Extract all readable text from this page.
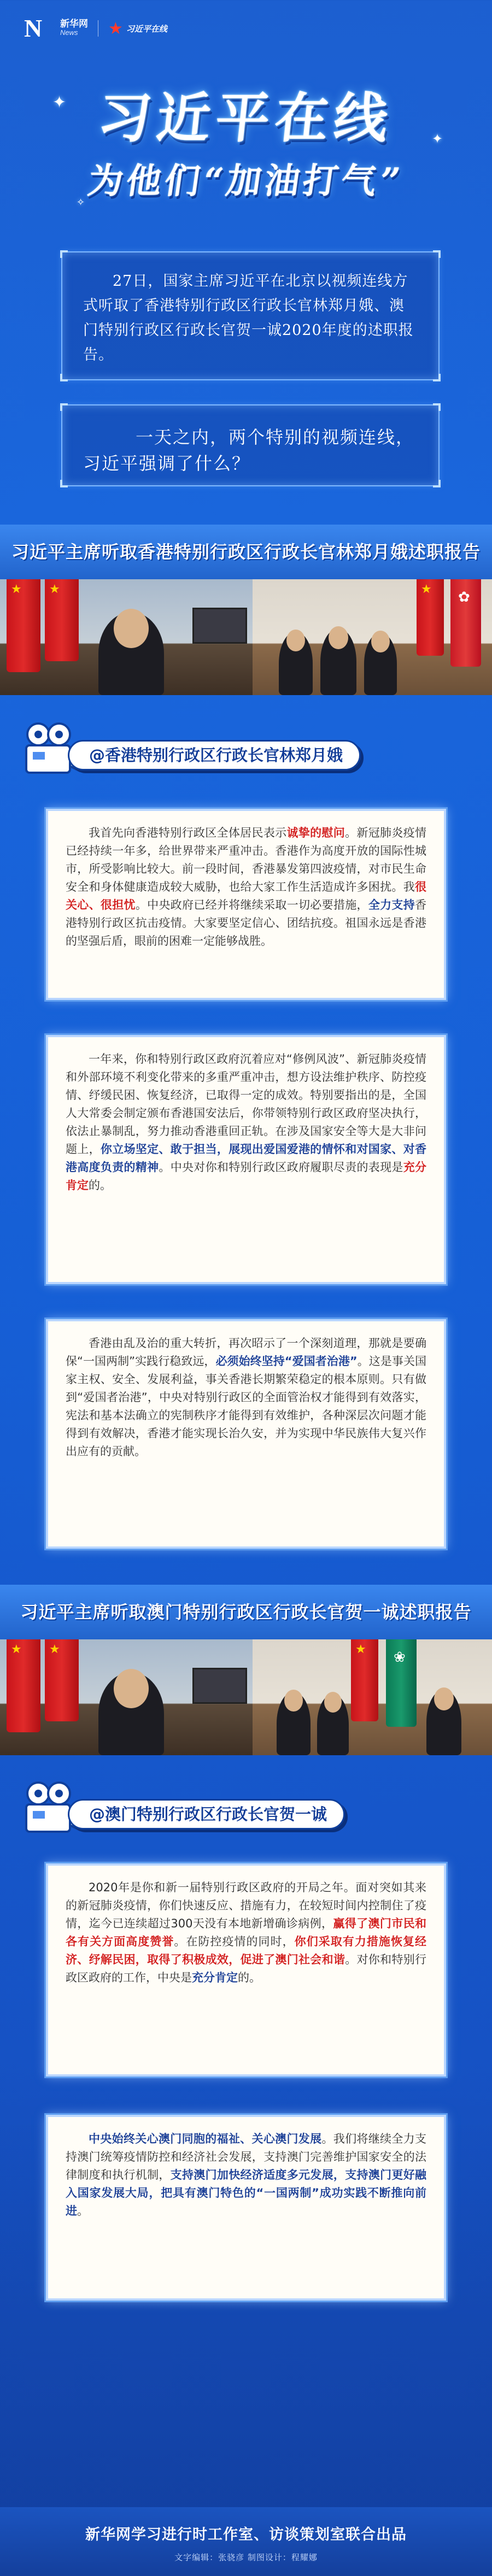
N	新华网
News	★ 习近平在线
✦
✦
✧
习近平在线
为他们“加油打气”

27日，国家主席习近平在北京以视频连线方式听取了香港特别行政区行政长官林郑月娥、澳门特别行政区行政长官贺一诚2020年度的述职报告。

一天之内，两个特别的视频连线，习近平强调了什么？

习近平主席听取香港特别行政区行政长官林郑月娥述职报告
★
★
★
✿
@香港特别行政区行政长官林郑月娥

我首先向香港特别行政区全体居民表示诚挚的慰问。新冠肺炎疫情已经持续一年多，给世界带来严重冲击。香港作为高度开放的国际性城市，所受影响比较大。前一段时间，香港暴发第四波疫情，对市民生命安全和身体健康造成较大威胁，也给大家工作生活造成许多困扰。我很关心、很担忧。中央政府已经并将继续采取一切必要措施，全力支持香港特别行政区抗击疫情。大家要坚定信心、团结抗疫。祖国永远是香港的坚强后盾，眼前的困难一定能够战胜。

一年来，你和特别行政区政府沉着应对“修例风波”、新冠肺炎疫情和外部环境不利变化带来的多重严重冲击，想方设法维护秩序、防控疫情、纾缓民困、恢复经济，已取得一定的成效。特别要指出的是，全国人大常委会制定颁布香港国安法后，你带领特别行政区政府坚决执行，依法止暴制乱，努力推动香港重回正轨。在涉及国家安全等大是大非问题上，你立场坚定、敢于担当，展现出爱国爱港的情怀和对国家、对香港高度负责的精神。中央对你和特别行政区政府履职尽责的表现是充分肯定的。

香港由乱及治的重大转折，再次昭示了一个深刻道理，那就是要确保“一国两制”实践行稳致远，必须始终坚持“爱国者治港”。这是事关国家主权、安全、发展利益，事关香港长期繁荣稳定的根本原则。只有做到“爱国者治港”，中央对特别行政区的全面管治权才能得到有效落实，宪法和基本法确立的宪制秩序才能得到有效维护，各种深层次问题才能得到有效解决，香港才能实现长治久安，并为实现中华民族伟大复兴作出应有的贡献。

习近平主席听取澳门特别行政区行政长官贺一诚述职报告
★
★
★
❀
@澳门特别行政区行政长官贺一诚

2020年是你和新一届特别行政区政府的开局之年。面对突如其来的新冠肺炎疫情，你们快速反应、措施有力，在较短时间内控制住了疫情，迄今已连续超过300天没有本地新增确诊病例，赢得了澳门市民和各有关方面高度赞誉。在防控疫情的同时，你们采取有力措施恢复经济、纾解民困，取得了积极成效，促进了澳门社会和谐。对你和特别行政区政府的工作，中央是充分肯定的。

中央始终关心澳门同胞的福祉、关心澳门发展。我们将继续全力支持澳门统筹疫情防控和经济社会发展，支持澳门完善维护国家安全的法律制度和执行机制，支持澳门加快经济适度多元发展，支持澳门更好融入国家发展大局，把具有澳门特色的“一国两制”成功实践不断推向前进。

新华网学习进行时工作室、访谈策划室联合出品
文字编辑：张骁彦 制图设计：程耀娜
